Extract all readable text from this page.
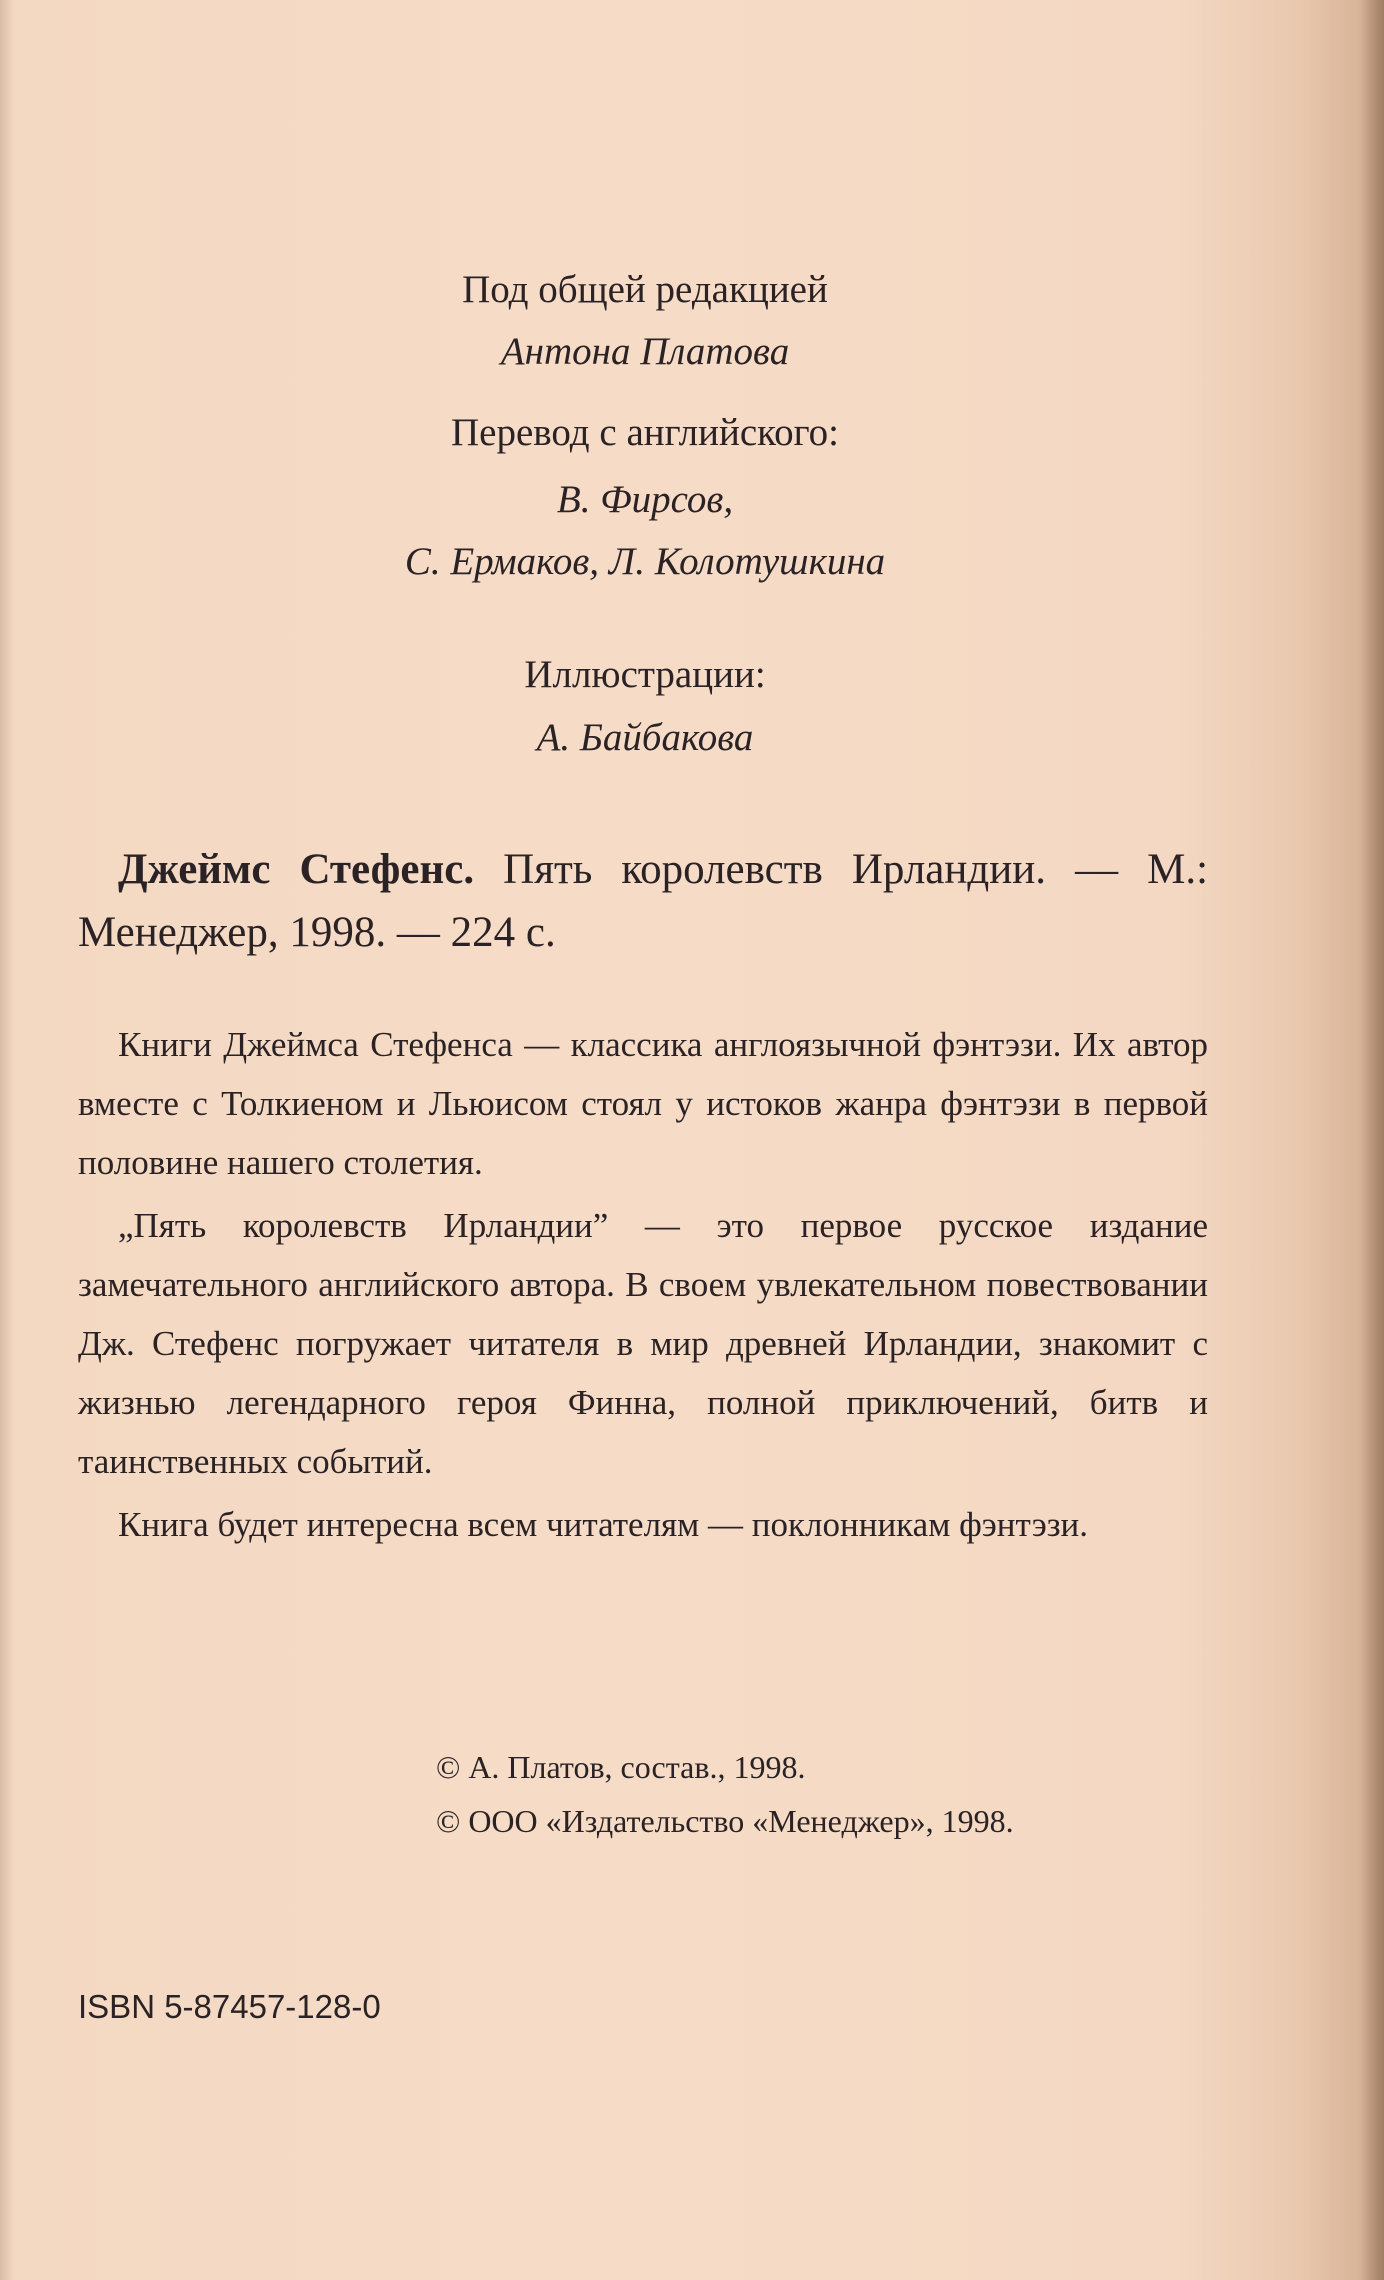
Под общей редакцией
Антона Платова
Перевод с английского:
В. Фирсов,
С. Ермаков, Л. Колотушкина
Иллюстрации:
А. Байбакова
Джеймс Стефенс. Пять королевств Ирландии. — М.: Менеджер, 1998. — 224 с.

Книги Джеймса Стефенса — классика англоязычной фэнтэзи. Их автор вместе с Толкиеном и Льюисом стоял у истоков жанра фэнтэзи в первой половине нашего столетия.

„Пять королевств Ирландии” — это первое русское издание замечательного английского автора. В своем увлекательном повествовании Дж. Стефенс погружает читателя в мир древней Ирландии, знакомит с жизнью легендарного героя Финна, полной приключений, битв и таинственных событий.

Книга будет интересна всем читателям — поклонникам фэнтэзи.

© А. Платов, состав., 1998.
© ООО «Издательство «Менеджер», 1998.
ISBN 5-87457-128-0
